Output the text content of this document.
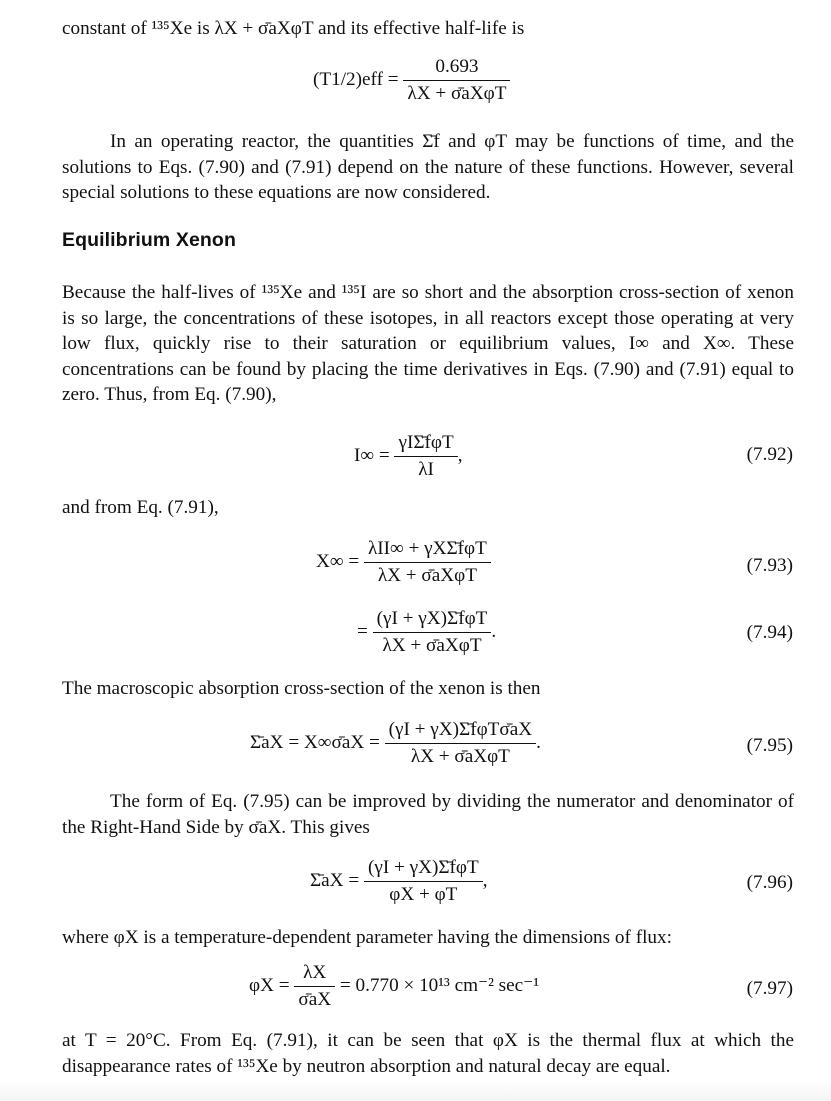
constant of ¹³⁵Xe is λX + σ̄aXφT and its effective half-life is
$(T1/2)eff = \frac{0.693}{\text{λX + σ̄aXφT}}$
In an operating reactor, the quantities Σ̄f and φT may be functions of time, and the solutions to Eqs. (7.90) and (7.91) depend on the nature of these functions. However, several special solutions to these equations are now considered.
Equilibrium Xenon
Because the half-lives of ¹³⁵Xe and ¹³⁵I are so short and the absorption cross-section of xenon is so large, the concentrations of these isotopes, in all reactors except those operating at very low flux, quickly rise to their saturation or equilibrium values, I∞ and X∞. These concentrations can be found by placing the time derivatives in Eqs. (7.90) and (7.91) equal to zero. Thus, from Eq. (7.90),
$I\infty = \frac{\text{γIΣ̄fφT}}{\lambda I}$ ,	(7.92)
and from Eq. (7.91),
$X\infty = \frac{\text{λII∞ + γXΣ̄fφT}}{\text{λX + σ̄aXφT}}$	(7.93)
= $\frac{\text{(γI + γX)Σ̄fφT}}{\text{λX + σ̄aXφT}}$ .	(7.94)
The macroscopic absorption cross-section of the xenon is then
Σ̄aX = X∞σ̄aX = $\frac{\text{(γI + γX)Σ̄fφTσ̄aX}}{\text{λX + σ̄aXφT}}$ .	(7.95)
The form of Eq. (7.95) can be improved by dividing the numerator and denominator of the Right-Hand Side by σ̄aX. This gives
Σ̄aX = $\frac{\text{(γI + γX)Σ̄fφT}}{\varphi X + \varphi T}$ ,	(7.96)
where φX is a temperature-dependent parameter having the dimensions of flux:
$\varphi X = \frac{\lambda X}{\sigmāaX} = 0.770 \times 10^{13}$ cm⁻² sec⁻¹	(7.97)
at T = 20°C. From Eq. (7.91), it can be seen that φX is the thermal flux at which the disappearance rates of ¹³⁵Xe by neutron absorption and natural decay are equal.
